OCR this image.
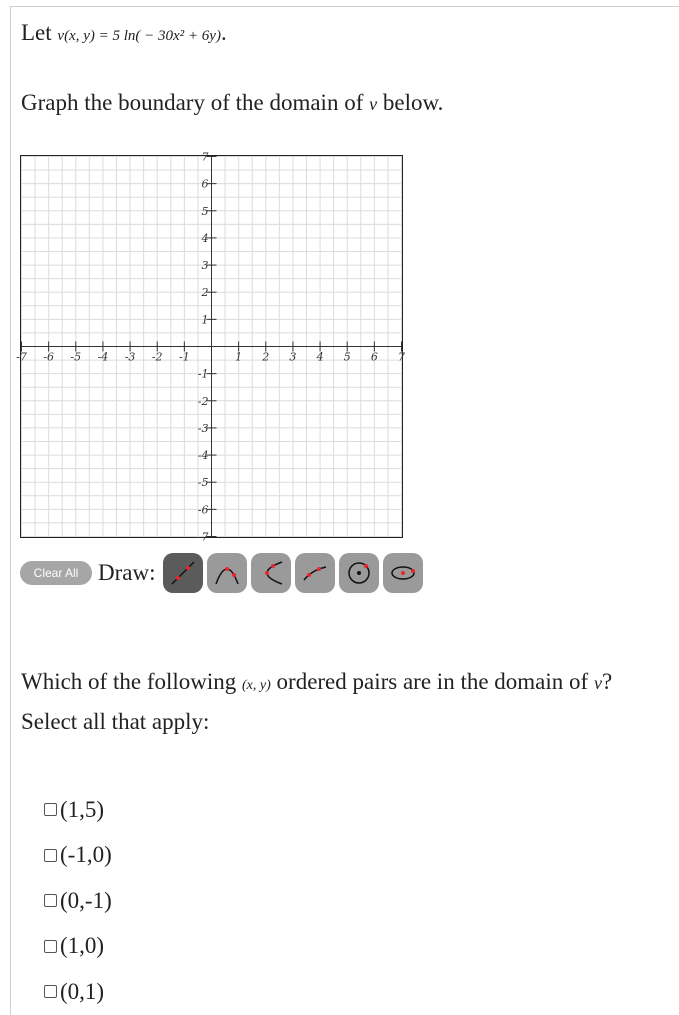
Let v(x, y) = 5 ln( − 30x² + 6y).
Graph the boundary of the domain of v below.
-7 -6 -5 -4 -3 -2 -1	1 2 3 4 5 6 7
7
6
5
4
3
2
1
-1
-2
-3
-4
-5
-6
-7
Clear All Draw:
Which of the following (x, y) ordered pairs are in the domain of v?
Select all that apply:
(1,5)
(-1,0)
(0,-1)
(1,0)
(0,1)
